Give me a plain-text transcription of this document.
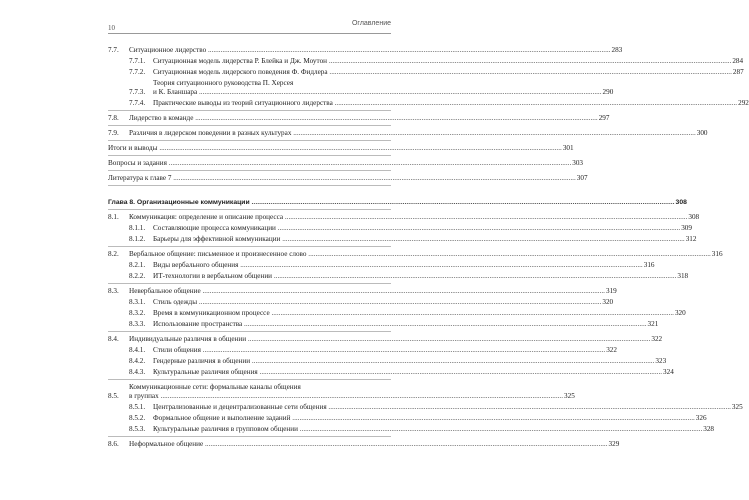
10
Оглавление
7.7.	Ситуационное лидерство .....	283
7.7.1.	Ситуационная модель лидерства Р. Блейка и Дж. Моутон .....	284
7.7.2.	Ситуационная модель лидерского поведения Ф. Фидлера .....	287
7.7.3.
Теория ситуационного руководства П. Херсея
и К. Бланшара .....	290
7.7.4.	Практические выводы из теорий ситуационного лидерства .....	292
7.8.	Лидерство в команде .....	297
7.9.	Различия в лидерском поведении в разных культурах .....	300
Итоги и выводы .....	301
Вопросы и задания .....	303
Литература к главе 7 .....	307
Глава 8. Организационные коммуникации .....	308
8.1.	Коммуникация: определение и описание процесса .....	308
8.1.1.	Составляющие процесса коммуникации .....	309
8.1.2.	Барьеры для эффективной коммуникации .....	312
8.2.	Вербальное общение: письменное и произнесенное слово .....	316
8.2.1.	Виды вербального общения .....	316
8.2.2.	ИТ-технологии в вербальном общении .....	318
8.3.	Невербальное общение .....	319
8.3.1.	Стиль одежды .....	320
8.3.2.	Время в коммуникационном процессе .....	320
8.3.3.	Использование пространства .....	321
8.4.	Индивидуальные различия в общении .....	322
8.4.1.	Стили общения .....	322
8.4.2.	Гендерные различия в общении .....	323
8.4.3.	Культуральные различия общения .....	324
8.5.
Коммуникационные сети: формальные каналы общения
в группах .....	325
8.5.1.	Централизованные и децентрализованные сети общения .....	325
8.5.2.	Формальное общение и выполнение заданий .....	326
8.5.3.	Культуральные различия в групповом общении .....	328
8.6.	Неформальное общение .....	329
